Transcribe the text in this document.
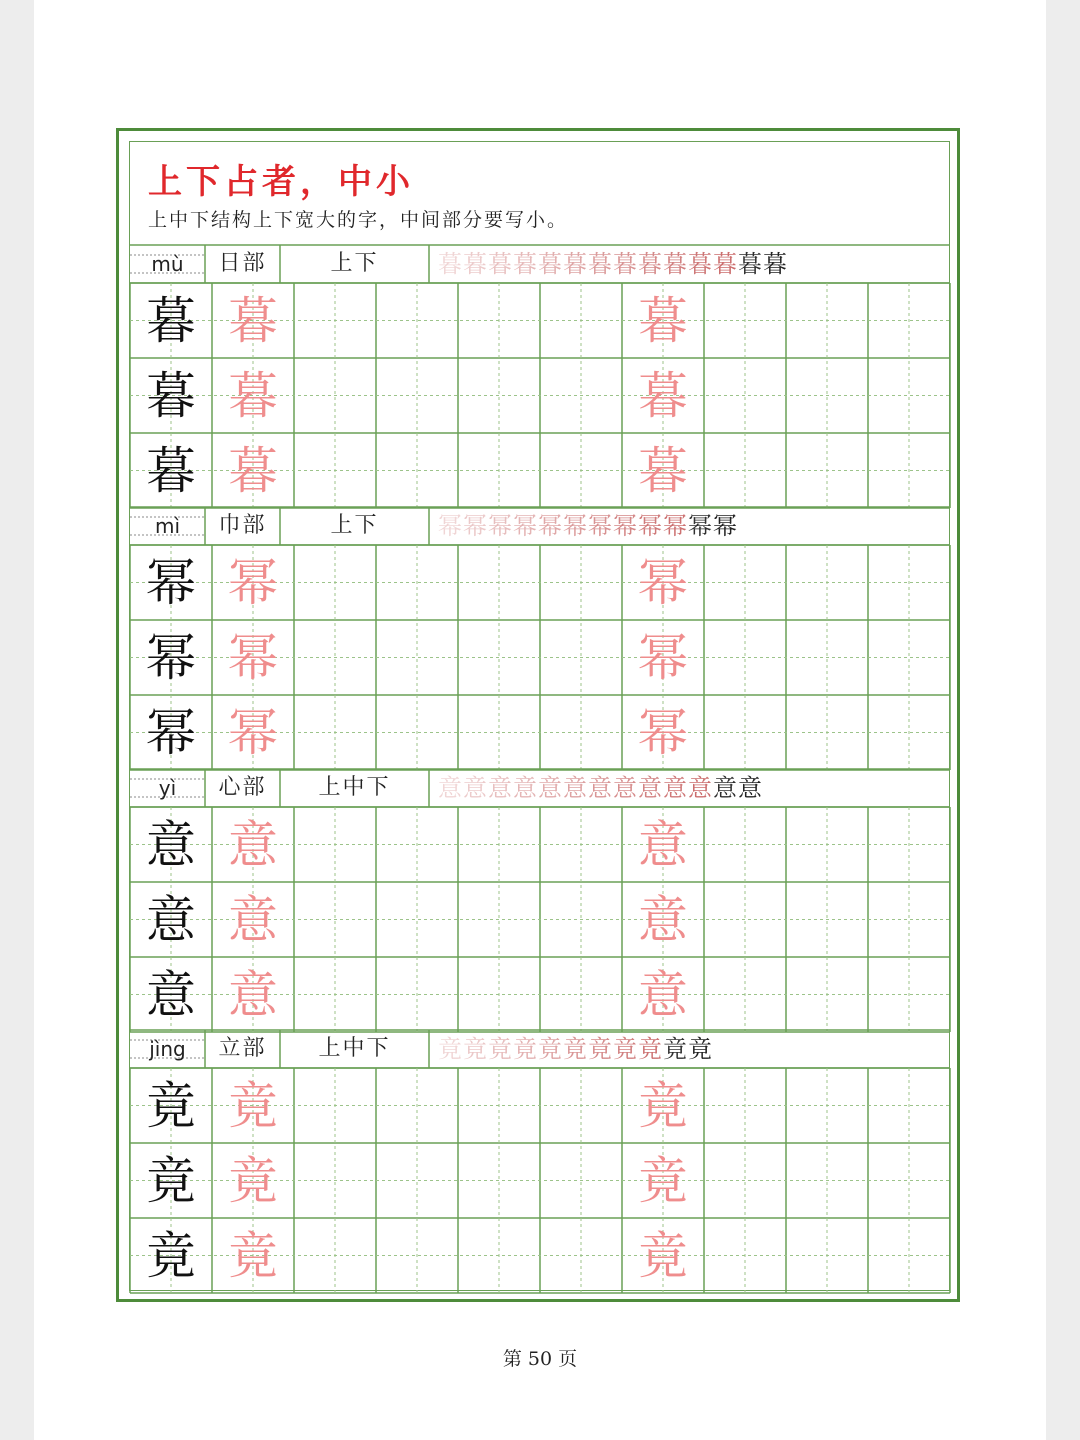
上下占者，中小
上中下结构上下宽大的字，中间部分要写小。
mù	日部	上下	暮暮暮暮暮暮暮暮暮暮暮暮暮暮
暮 暮	暮
暮 暮	暮
暮 暮	暮
mì	巾部	上下	幂幂幂幂幂幂幂幂幂幂幂幂
幂 幂	幂
幂 幂	幂
幂 幂	幂
yì	心部	上中下	意意意意意意意意意意意意意
意 意	意
意 意	意
意 意	意
jìng	立部	上中下	竟竟竟竟竟竟竟竟竟竟竟
竟 竟	竟
竟 竟	竟
竟 竟	竟
第 50 页
